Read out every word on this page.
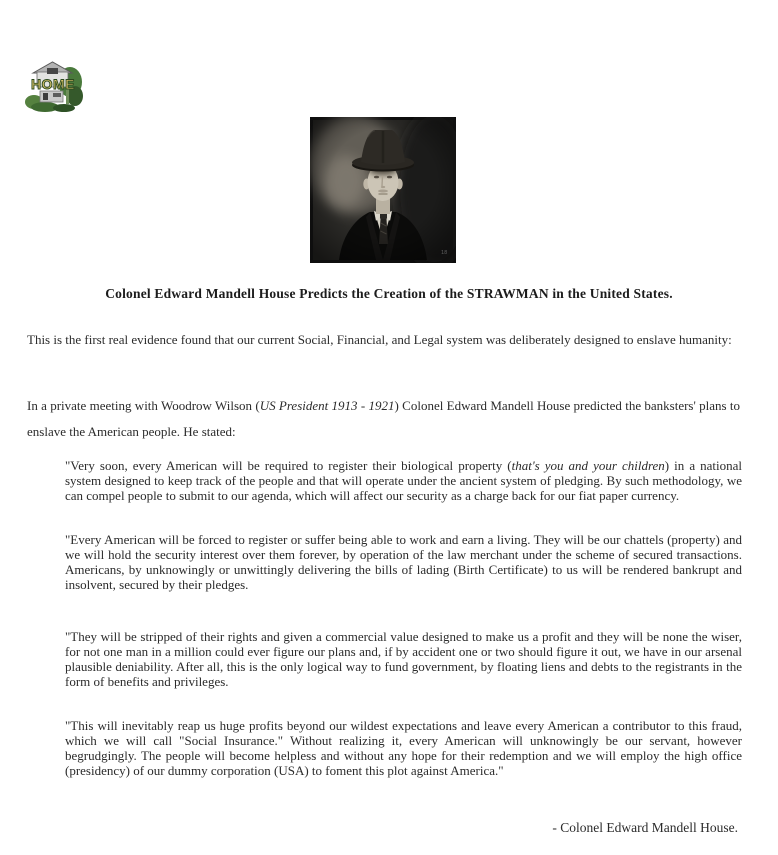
HOME
18
Colonel Edward Mandell House Predicts the Creation of the STRAWMAN in the United States.

This is the first real evidence found that our current Social, Financial, and Legal system was deliberately designed to enslave humanity:

In a private meeting with Woodrow Wilson (US President 1913 - 1921) Colonel Edward Mandell House predicted the banksters' plans to enslave the American people. He stated:

"Very soon, every American will be required to register their biological property (that's you and your children) in a national system designed to keep track of the people and that will operate under the ancient system of pledging. By such methodology, we can compel people to submit to our agenda, which will affect our security as a charge back for our fiat paper currency.

"Every American will be forced to register or suffer being able to work and earn a living. They will be our chattels (property) and we will hold the security interest over them forever, by operation of the law merchant under the scheme of secured transactions. Americans, by unknowingly or unwittingly delivering the bills of lading (Birth Certificate) to us will be rendered bankrupt and insolvent, secured by their pledges.

"They will be stripped of their rights and given a commercial value designed to make us a profit and they will be none the wiser, for not one man in a million could ever figure our plans and, if by accident one or two should figure it out, we have in our arsenal plausible deniability. After all, this is the only logical way to fund government, by floating liens and debts to the registrants in the form of benefits and privileges.

"This will inevitably reap us huge profits beyond our wildest expectations and leave every American a contributor to this fraud, which we will call "Social Insurance." Without realizing it, every American will unknowingly be our servant, however begrudgingly. The people will become helpless and without any hope for their redemption and we will employ the high office (presidency) of our dummy corporation (USA) to foment this plot against America."

- Colonel Edward Mandell House.
